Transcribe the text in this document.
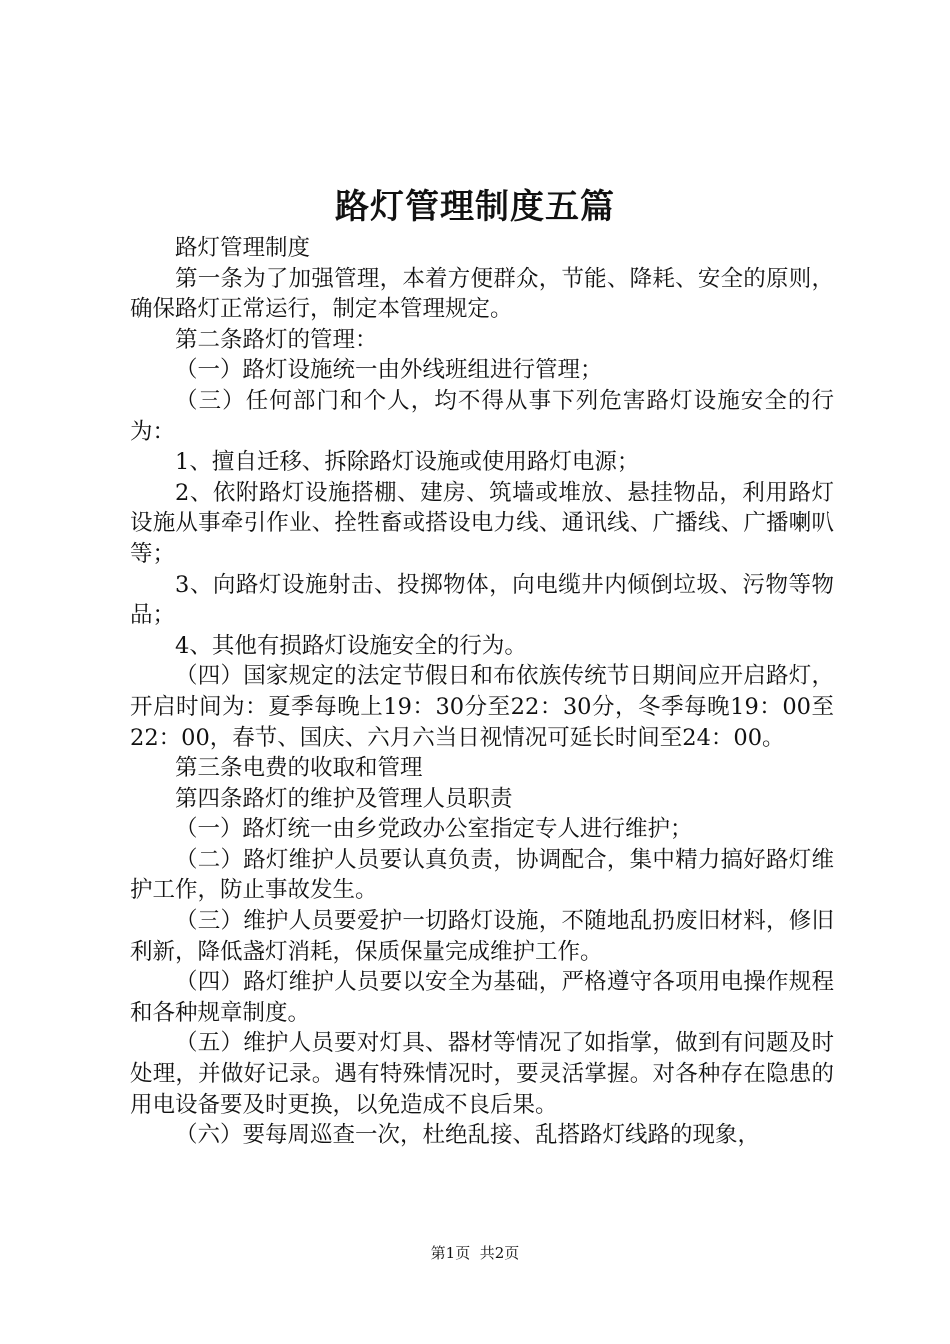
路灯管理制度五篇

路灯管理制度

第一条为了加强管理，本着方便群众，节能、降耗、安全的原则，确保路灯正常运行，制定本管理规定。

第二条路灯的管理：

（一）路灯设施统一由外线班组进行管理；

（三）任何部门和个人，均不得从事下列危害路灯设施安全的行为：

1、擅自迁移、拆除路灯设施或使用路灯电源；

2、依附路灯设施搭棚、建房、筑墙或堆放、悬挂物品，利用路灯设施从事牵引作业、拴牲畜或搭设电力线、通讯线、广播线、广播喇叭等；

3、向路灯设施射击、投掷物体，向电缆井内倾倒垃圾、污物等物品；

4、其他有损路灯设施安全的行为。

（四）国家规定的法定节假日和布依族传统节日期间应开启路灯，开启时间为：夏季每晚上19：30分至22：30分，冬季每晚19：00至22：00，春节、国庆、六月六当日视情况可延长时间至24：00。

第三条电费的收取和管理

第四条路灯的维护及管理人员职责

（一）路灯统一由乡党政办公室指定专人进行维护；

（二）路灯维护人员要认真负责，协调配合，集中精力搞好路灯维护工作，防止事故发生。

（三）维护人员要爱护一切路灯设施，不随地乱扔废旧材料，修旧利新，降低盏灯消耗，保质保量完成维护工作。

（四）路灯维护人员要以安全为基础，严格遵守各项用电操作规程和各种规章制度。

（五）维护人员要对灯具、器材等情况了如指掌，做到有问题及时处理，并做好记录。遇有特殊情况时，要灵活掌握。对各种存在隐患的用电设备要及时更换，以免造成不良后果。

（六）要每周巡查一次，杜绝乱接、乱搭路灯线路的现象，

第1页 共2页
